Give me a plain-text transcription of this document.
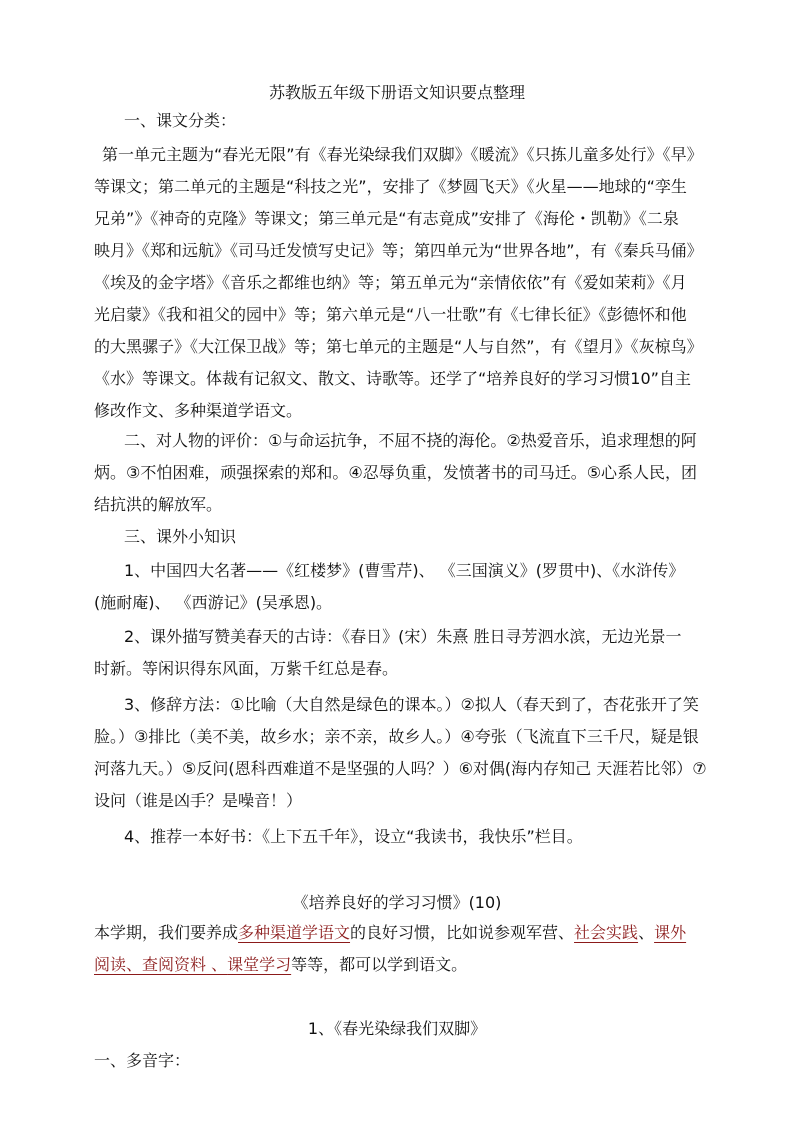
苏教版五年级下册语文知识要点整理
一、课文分类：
第一单元主题为“春光无限”有《春光染绿我们双脚》《暖流》《只拣儿童多处行》《早》
等课文；第二单元的主题是“科技之光”，安排了《梦圆飞天》《火星——地球的“孪生
兄弟”》《神奇的克隆》等课文；第三单元是“有志竟成”安排了《海伦・凯勒》《二泉
映月》《郑和远航》《司马迁发愤写史记》等；第四单元为“世界各地”，有《秦兵马俑》
《埃及的金字塔》《音乐之都维也纳》等；第五单元为“亲情依依”有《爱如茉莉》《月
光启蒙》《我和祖父的园中》等；第六单元是“八一壮歌”有《七律长征》《彭德怀和他
的大黑骡子》《大江保卫战》等；第七单元的主题是“人与自然”，有《望月》《灰椋鸟》
《水》等课文。体裁有记叙文、散文、诗歌等。还学了“培养良好的学习习惯10”自主
修改作文、多种渠道学语文。
二、对人物的评价：①与命运抗争，不屈不挠的海伦。②热爱音乐，追求理想的阿
炳。③不怕困难，顽强探索的郑和。④忍辱负重，发愤著书的司马迁。⑤心系人民，团
结抗洪的解放军。
三、课外小知识
1、中国四大名著——《红楼梦》(曹雪芹)、 《三国演义》(罗贯中)、《水浒传》
(施耐庵)、 《西游记》(吴承恩)。
2、课外描写赞美春天的古诗：《春日》(宋）朱熹 胜日寻芳泗水滨，无边光景一
时新。等闲识得东风面，万紫千红总是春。
3、修辞方法：①比喻（大自然是绿色的课本。）②拟人（春天到了，杏花张开了笑
脸。）③排比（美不美，故乡水；亲不亲，故乡人。）④夸张（飞流直下三千尺，疑是银
河落九天。）⑤反问(恩科西难道不是坚强的人吗？）⑥对偶(海内存知己 天涯若比邻）⑦
设问（谁是凶手？是噪音！）
4、推荐一本好书：《上下五千年》，设立“我读书，我快乐”栏目。
《培养良好的学习习惯》(10)
本学期，我们要养成多种渠道学语文的良好习惯，比如说参观军营、社会实践、课外
阅读、查阅资料 、课堂学习等等，都可以学到语文。
1、《春光染绿我们双脚》
一、多音字：
